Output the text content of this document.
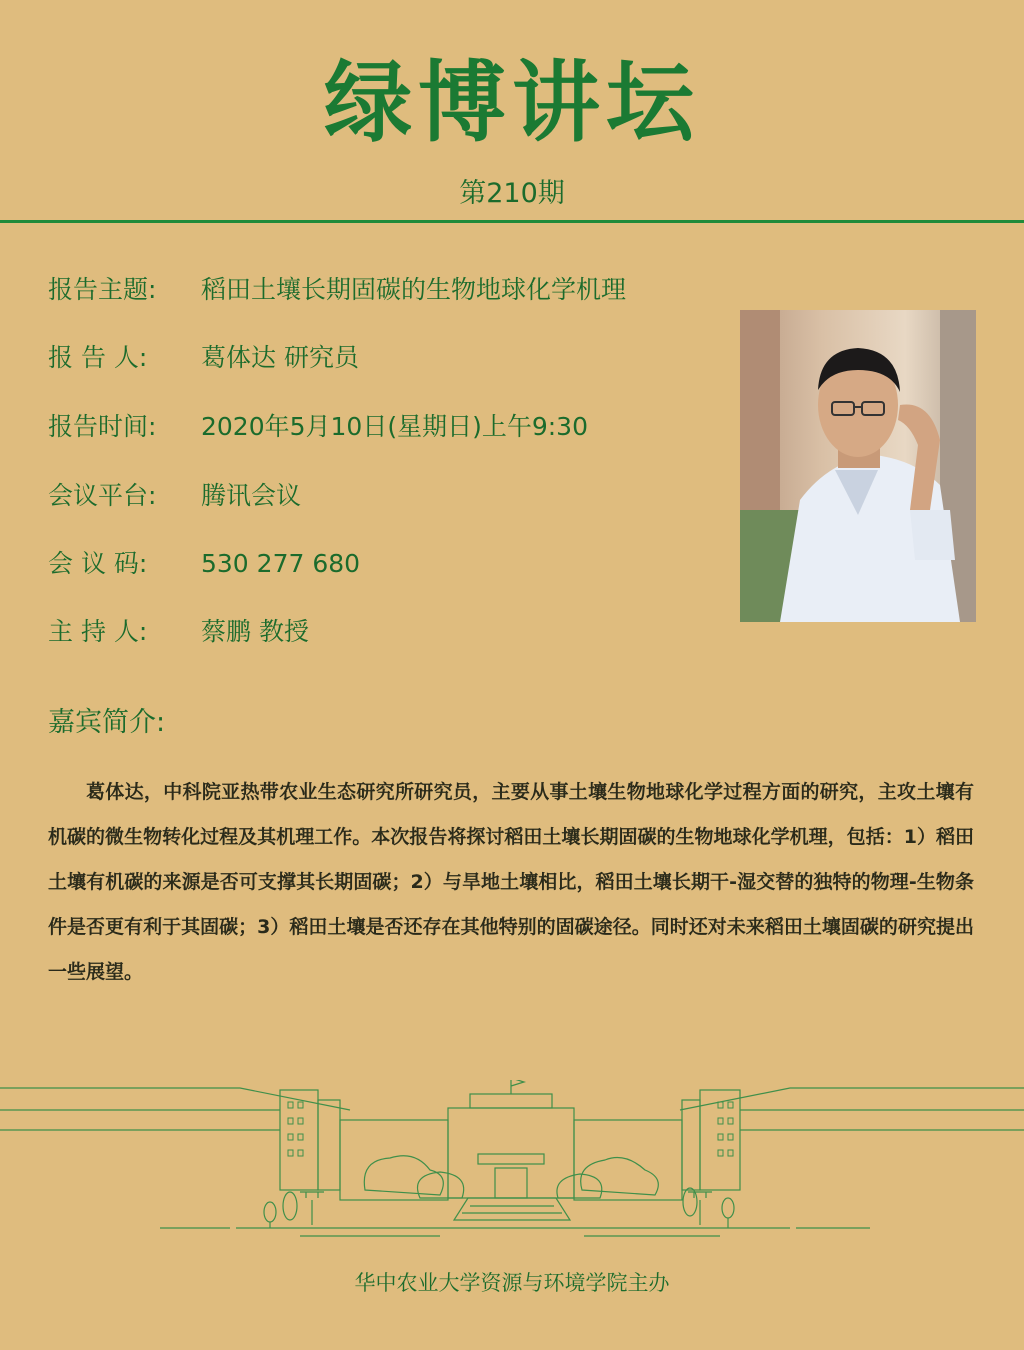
绿博讲坛
第210期
报告主题: 稻田土壤长期固碳的生物地球化学机理
报 告 人: 葛体达 研究员
报告时间: 2020年5月10日(星期日)上午9:30
会议平台: 腾讯会议
会 议 码: 530 277 680
主 持 人: 蔡鹏 教授
嘉宾简介:
葛体达，中科院亚热带农业生态研究所研究员，主要从事土壤生物地球化学过程方面的研究，主攻土壤有机碳的微生物转化过程及其机理工作。本次报告将探讨稻田土壤长期固碳的生物地球化学机理，包括：1）稻田土壤有机碳的来源是否可支撑其长期固碳；2）与旱地土壤相比，稻田土壤长期干-湿交替的独特的物理-生物条件是否更有利于其固碳；3）稻田土壤是否还存在其他特别的固碳途径。同时还对未来稻田土壤固碳的研究提出一些展望。
华中农业大学资源与环境学院主办
